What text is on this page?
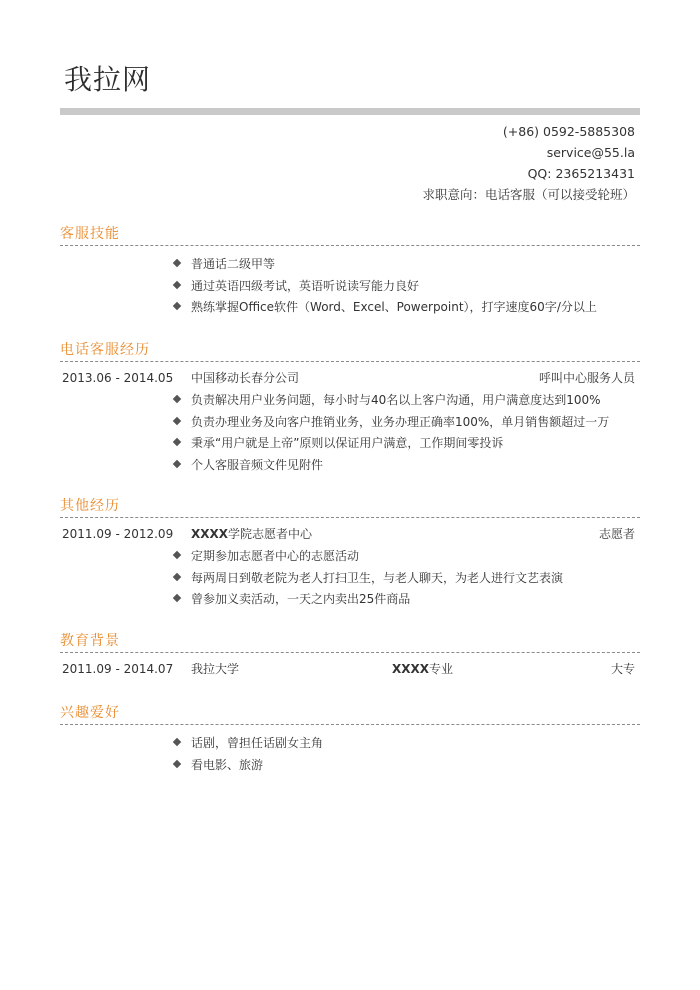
我拉网
(+86) 0592-5885308
service@55.la
QQ: 2365213431
求职意向：电话客服（可以接受轮班）
客服技能
普通话二级甲等
通过英语四级考试，英语听说读写能力良好
熟练掌握Office软件（Word、Excel、Powerpoint），打字速度60字/分以上
电话客服经历
2013.06 - 2014.05 中国移动长春分公司	呼叫中心服务人员
负责解决用户业务问题，每小时与40名以上客户沟通，用户满意度达到100%
负责办理业务及向客户推销业务，业务办理正确率100%，单月销售额超过一万
秉承“用户就是上帝”原则以保证用户满意，工作期间零投诉
个人客服音频文件见附件
其他经历
2011.09 - 2012.09 XXXX学院志愿者中心	志愿者
定期参加志愿者中心的志愿活动
每两周日到敬老院为老人打扫卫生，与老人聊天，为老人进行文艺表演
曾参加义卖活动，一天之内卖出25件商品
教育背景
2011.09 - 2014.07 我拉大学	XXXX专业	大专
兴趣爱好
话剧，曾担任话剧女主角
看电影、旅游
